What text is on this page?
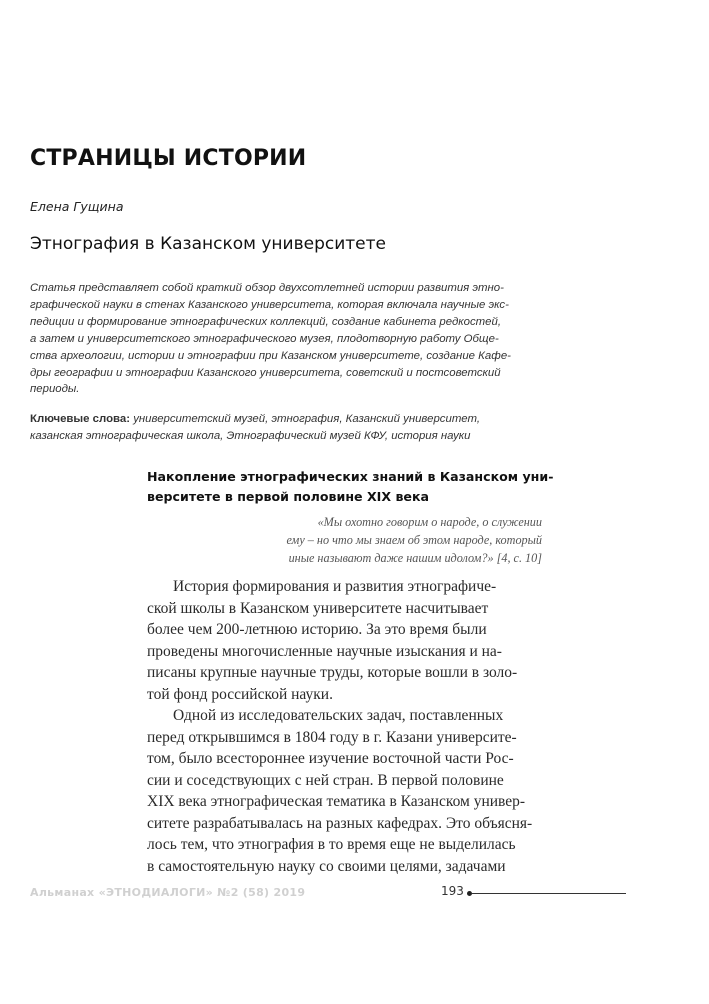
СТРАНИЦЫ ИСТОРИИ
Елена Гущина
Этнография в Казанском университете
Статья представляет собой краткий обзор двухсотлетней истории развития этно-
графической науки в стенах Казанского университета, которая включала научные экс-
педиции и формирование этнографических коллекций, создание кабинета редкостей,
а затем и университетского этнографического музея, плодотворную работу Обще-
ства археологии, истории и этнографии при Казанском университете, создание Кафе-
дры географии и этнографии Казанского университета, советский и постсоветский
периоды.
Ключевые слова: университетский музей, этнография, Казанский университет,
казанская этнографическая школа, Этнографический музей КФУ, история науки
Накопление этнографических знаний в Казанском уни-
верситете в первой половине XIX века
«Мы охотно говорим о народе, о служении
ему – но что мы знаем об этом народе, который
иные называют даже нашим идолом?» [4, с. 10]
История формирования и развития этнографиче-
ской школы в Казанском университете насчитывает
более чем 200-летнюю историю. За это время были
проведены многочисленные научные изыскания и на-
писаны крупные научные труды, которые вошли в золо-
той фонд российской науки.
Одной из исследовательских задач, поставленных
перед открывшимся в 1804 году в г. Казани университе-
том, было всестороннее изучение восточной части Рос-
сии и соседствующих с ней стран. В первой половине
XIX века этнографическая тематика в Казанском универ-
ситете разрабатывалась на разных кафедрах. Это объясня-
лось тем, что этнография в то время еще не выделилась
в самостоятельную науку со своими целями, задачами
Альманах «ЭТНОДИАЛОГИ» №2 (58) 2019	193
